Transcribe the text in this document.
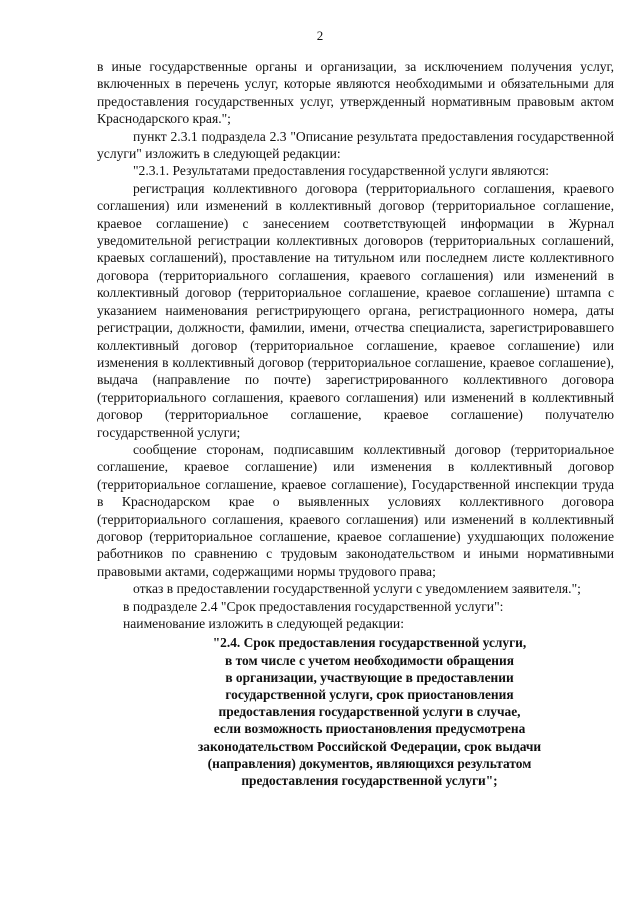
2

в иные государственные органы и организации, за исключением получения услуг, включенных в перечень услуг, которые являются необходимыми и обязательными для предоставления государственных услуг, утвержденный нормативным правовым актом Краснодарского края.";

пункт 2.3.1 подраздела 2.3 "Описание результата предоставления государственной услуги" изложить в следующей редакции:

"2.3.1. Результатами предоставления государственной услуги являются:

регистрация коллективного договора (территориального соглашения, краевого соглашения) или изменений в коллективный договор (территориальное соглашение, краевое соглашение) с занесением соответствующей информации в Журнал уведомительной регистрации коллективных договоров (территориальных соглашений, краевых соглашений), проставление на титульном или последнем листе коллективного договора (территориального соглашения, краевого соглашения) или изменений в коллективный договор (территориальное соглашение, краевое соглашение) штампа с указанием наименования регистрирующего органа, регистрационного номера, даты регистрации, должности, фамилии, имени, отчества специалиста, зарегистрировавшего коллективный договор (территориальное соглашение, краевое соглашение) или изменения в коллективный договор (территориальное соглашение, краевое соглашение), выдача (направление по почте) зарегистрированного коллективного договора (территориального соглашения, краевого соглашения) или изменений в коллективный договор (территориальное соглашение, краевое соглашение) получателю государственной услуги;

сообщение сторонам, подписавшим коллективный договор (территориальное соглашение, краевое соглашение) или изменения в коллективный договор (территориальное соглашение, краевое соглашение), Государственной инспекции труда в Краснодарском крае о выявленных условиях коллективного договора (территориального соглашения, краевого соглашения) или изменений в коллективный договор (территориальное соглашение, краевое соглашение) ухудшающих положение работников по сравнению с трудовым законодательством и иными нормативными правовыми актами, содержащими нормы трудового права;

отказ в предоставлении государственной услуги с уведомлением заявителя.";

в подразделе 2.4 "Срок предоставления государственной услуги":

наименование изложить в следующей редакции:

"2.4. Срок предоставления государственной услуги,
в том числе с учетом необходимости обращения
в организации, участвующие в предоставлении
государственной услуги, срок приостановления
предоставления государственной услуги в случае,
если возможность приостановления предусмотрена
законодательством Российской Федерации, срок выдачи
(направления) документов, являющихся результатом
предоставления государственной услуги";
